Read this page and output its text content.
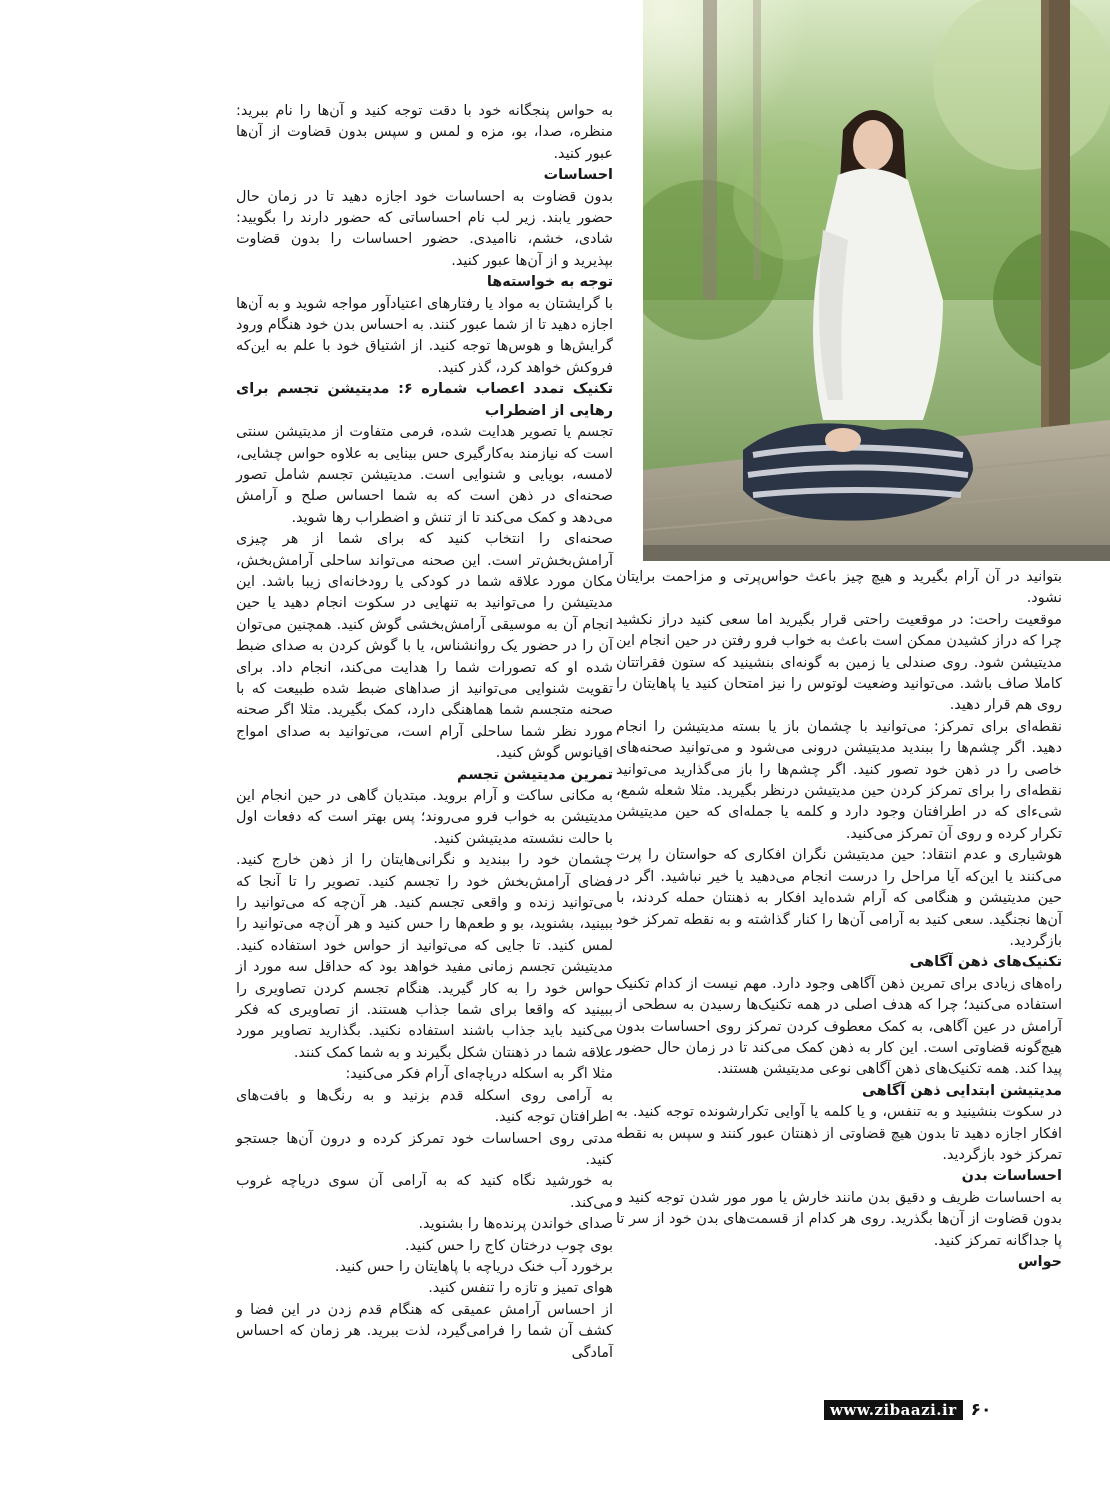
به حواس پنجگانه خود با دقت توجه کنید و آن‌ها را نام ببرید: منظره، صدا، بو، مزه و لمس و سپس بدون قضاوت از آن‌ها عبور کنید.

احساسات

بدون قضاوت به احساسات خود اجازه دهید تا در زمان حال حضور یابند. زیر لب نام احساساتی که حضور دارند را بگویید: شادی، خشم، ناامیدی. حضور احساسات را بدون قضاوت بپذیرید و از آن‌ها عبور کنید.

توجه به خواسته‌ها

با گرایشتان به مواد یا رفتارهای اعتیادآور مواجه شوید و به آن‌ها اجازه دهید تا از شما عبور کنند. به احساس بدن خود هنگام ورود گرایش‌ها و هوس‌ها توجه کنید. از اشتیاق خود با علم به این‌که فروکش خواهد کرد، گذر کنید.

تکنیک تمدد اعصاب شماره ۶: مدیتیشن تجسم برای رهایی از اضطراب

تجسم یا تصویر هدایت شده، فرمی متفاوت از مدیتیشن سنتی است که نیازمند به‌کارگیری حس بینایی به علاوه حواس چشایی، لامسه، بویایی و شنوایی است. مدیتیشن تجسم شامل تصور صحنه‌ای در ذهن است که به شما احساس صلح و آرامش می‌دهد و کمک می‌کند تا از تنش و اضطراب رها شوید.

صحنه‌ای را انتخاب کنید که برای شما از هر چیزی آرامش‌بخش‌تر است. این صحنه می‌تواند ساحلی آرامش‌بخش، مکان مورد علاقه شما در کودکی یا رودخانه‌ای زیبا باشد. این مدیتیشن را می‌توانید به تنهایی در سکوت انجام دهید یا حین انجام آن به موسیقی آرامش‌بخشی گوش کنید. همچنین می‌توان آن را در حضور یک روانشناس، یا با گوش کردن به صدای ضبط شده او که تصورات شما را هدایت می‌کند، انجام داد. برای تقویت شنوایی می‌توانید از صداهای ضبط شده طبیعت که با صحنه متجسم شما هماهنگی دارد، کمک بگیرید. مثلا اگر صحنه مورد نظر شما ساحلی آرام است، می‌توانید به صدای امواج اقیانوس گوش کنید.

تمرین مدیتیشن تجسم

به مکانی ساکت و آرام بروید. مبتدیان گاهی در حین انجام این مدیتیشن به خواب فرو می‌روند؛ پس بهتر است که دفعات اول با حالت نشسته مدیتیشن کنید.

چشمان خود را ببندید و نگرانی‌هایتان را از ذهن خارج کنید. فضای آرامش‌بخش خود را تجسم کنید. تصویر را تا آنجا که می‌توانید زنده و واقعی تجسم کنید. هر آن‌چه که می‌توانید را ببینید، بشنوید، بو و طعم‌ها را حس کنید و هر آن‌چه می‌توانید را لمس کنید. تا جایی که می‌توانید از حواس خود استفاده کنید. مدیتیشن تجسم زمانی مفید خواهد بود که حداقل سه مورد از حواس خود را به کار گیرید. هنگام تجسم کردن تصاویری را ببینید که واقعا برای شما جذاب هستند. از تصاویری که فکر می‌کنید باید جذاب باشند استفاده نکنید. بگذارید تصاویر مورد علاقه شما در ذهنتان شکل بگیرند و به شما کمک کنند.

مثلا اگر به اسکله دریاچه‌ای آرام فکر می‌کنید:

به آرامی روی اسکله قدم بزنید و به رنگ‌ها و بافت‌های اطرافتان توجه کنید.

مدتی روی احساسات خود تمرکز کرده و درون آن‌ها جستجو کنید.

به خورشید نگاه کنید که به آرامی آن سوی دریاچه غروب می‌کند.

صدای خواندن پرنده‌ها را بشنوید.

بوی چوب درختان کاج را حس کنید.

برخورد آب خنک دریاچه با پاهایتان را حس کنید.

هوای تمیز و تازه را تنفس کنید.

از احساس آرامش عمیقی که هنگام قدم زدن در این فضا و کشف آن شما را فرامی‌گیرد، لذت ببرید. هر زمان که احساس آمادگی

بتوانید در آن آرام بگیرید و هیچ چیز باعث حواس‌پرتی و مزاحمت برایتان نشود.

موقعیت راحت: در موقعیت راحتی قرار بگیرید اما سعی کنید دراز نکشید چرا که دراز کشیدن ممکن است باعث به خواب فرو رفتن در حین انجام این مدیتیشن شود. روی صندلی یا زمین به گونه‌ای بنشینید که ستون فقراتتان کاملا صاف باشد. می‌توانید وضعیت لوتوس را نیز امتحان کنید یا پاهایتان را روی هم قرار دهید.

نقطه‌ای برای تمرکز: می‌توانید با چشمان باز یا بسته مدیتیشن را انجام دهید. اگر چشم‌ها را ببندید مدیتیشن درونی می‌شود و می‌توانید صحنه‌های خاصی را در ذهن خود تصور کنید. اگر چشم‌ها را باز می‌گذارید می‌توانید نقطه‌ای را برای تمرکز کردن حین مدیتیشن درنظر بگیرید. مثلا شعله شمع، شیءای که در اطرافتان وجود دارد و کلمه یا جمله‌ای که حین مدیتیشن تکرار کرده و روی آن تمرکز می‌کنید.

هوشیاری و عدم انتقاد: حین مدیتیشن نگران افکاری که حواستان را پرت می‌کنند یا این‌که آیا مراحل را درست انجام می‌دهید یا خیر نباشید. اگر در حین مدیتیشن و هنگامی که آرام شده‌اید افکار به ذهنتان حمله کردند، با آن‌ها نجنگید. سعی کنید به آرامی آن‌ها را کنار گذاشته و به نقطه تمرکز خود بازگردید.

تکنیک‌های ذهن آگاهی

راه‌های زیادی برای تمرین ذهن آگاهی وجود دارد. مهم نیست از کدام تکنیک استفاده می‌کنید؛ چرا که هدف اصلی در همه تکنیک‌ها رسیدن به سطحی از آرامش در عین آگاهی، به کمک معطوف کردن تمرکز روی احساسات بدون هیچ‌گونه قضاوتی است. این کار به ذهن کمک می‌کند تا در زمان حال حضور پیدا کند. همه تکنیک‌های ذهن آگاهی نوعی مدیتیشن هستند.

مدیتیشن ابتدایی ذهن آگاهی

در سکوت بنشینید و به تنفس، و یا کلمه یا آوایی تکرارشونده توجه کنید. به افکار اجازه دهید تا بدون هیچ قضاوتی از ذهنتان عبور کنند و سپس به نقطه تمرکز خود بازگردید.

احساسات بدن

به احساسات ظریف و دقیق بدن مانند خارش یا مور مور شدن توجه کنید و بدون قضاوت از آن‌ها بگذرید. روی هر کدام از قسمت‌های بدن خود از سر تا پا جداگانه تمرکز کنید.

حواس
www.zibaazi.ir ۶۰
